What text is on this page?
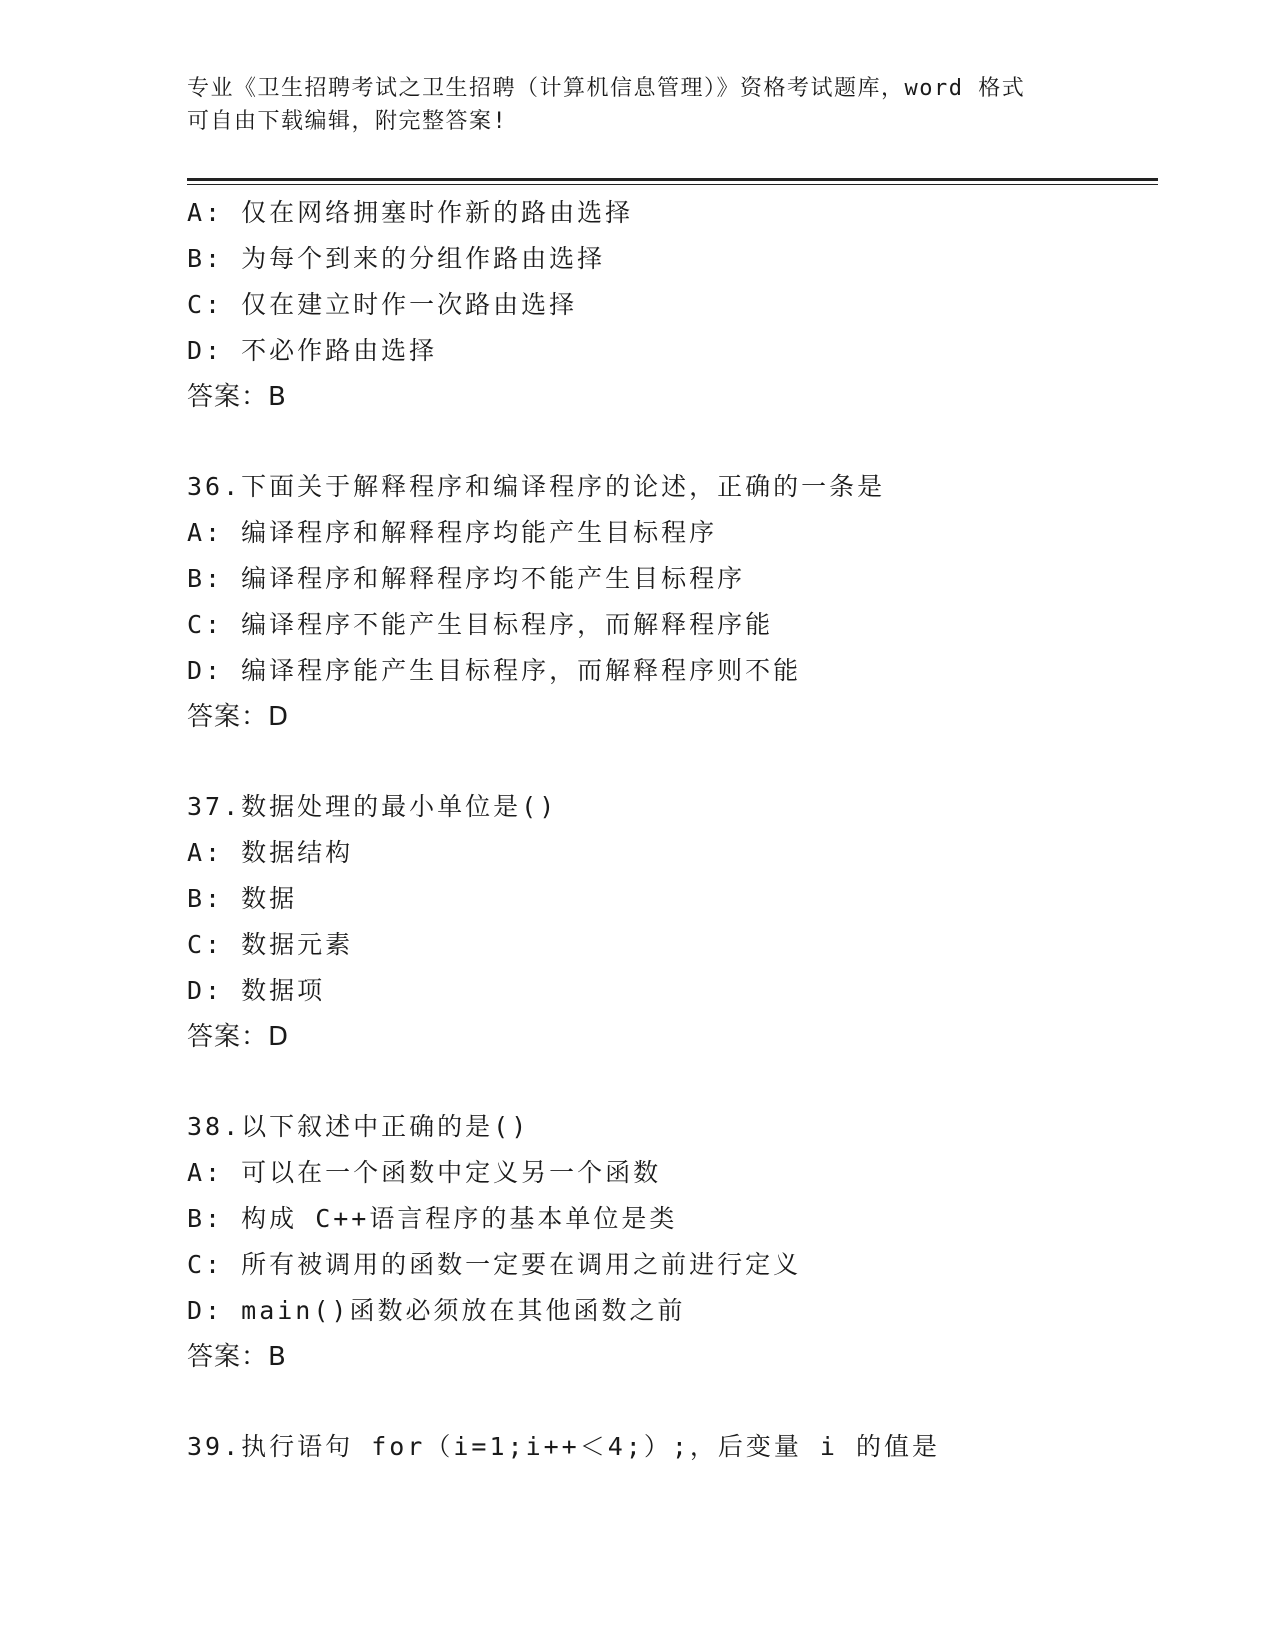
专业《卫生招聘考试之卫生招聘（计算机信息管理）》资格考试题库，word 格式
可自由下载编辑，附完整答案!
A: 仅在网络拥塞时作新的路由选择
B: 为每个到来的分组作路由选择
C: 仅在建立时作一次路由选择
D: 不必作路由选择
答案：B
36.下面关于解释程序和编译程序的论述，正确的一条是
A: 编译程序和解释程序均能产生目标程序
B: 编译程序和解释程序均不能产生目标程序
C: 编译程序不能产生目标程序，而解释程序能
D: 编译程序能产生目标程序，而解释程序则不能
答案：D
37.数据处理的最小单位是()
A: 数据结构
B: 数据
C: 数据元素
D: 数据项
答案：D
38.以下叙述中正确的是()
A: 可以在一个函数中定义另一个函数
B: 构成 C++语言程序的基本单位是类
C: 所有被调用的函数一定要在调用之前进行定义
D: main()函数必须放在其他函数之前
答案：B
39.执行语句 for（i=1;i++＜4;）;，后变量 i 的值是
